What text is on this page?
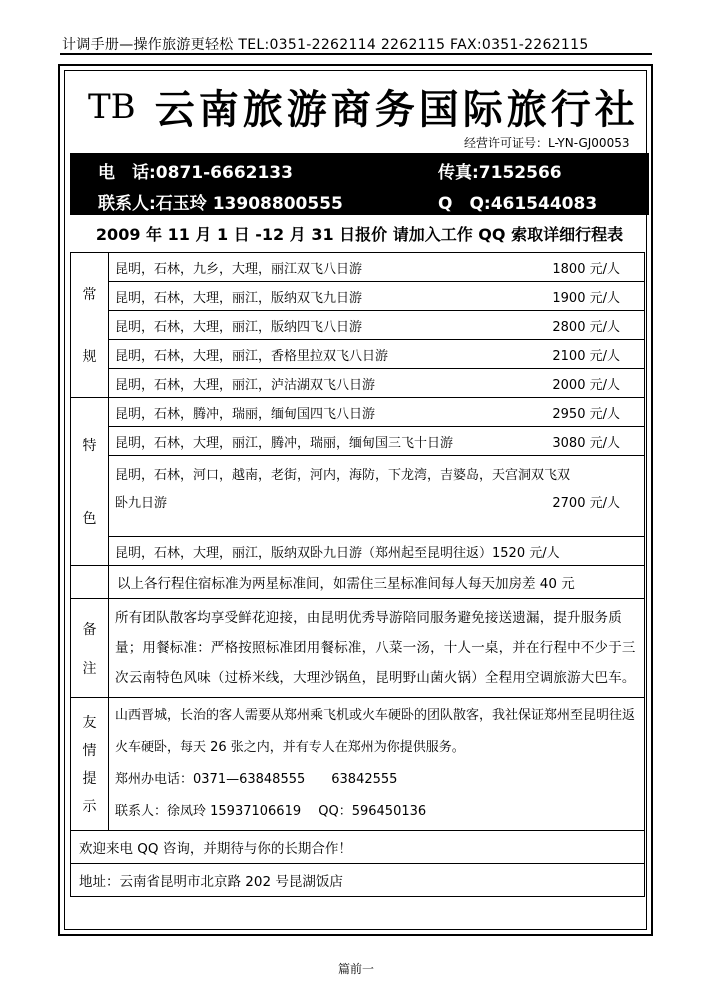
计调手册—操作旅游更轻松 TEL:0351-2262114 2262115 FAX:0351-2262115
TB 云南旅游商务国际旅行社
经营许可证号：L-YN-GJ00053
电　话:0871-6662133	传真:7152566
联系人:石玉玲 13908800555	Q　Q:461544083
2009 年 11 月 1 日 -12 月 31 日报价 请加入工作 QQ 索取详细行程表
常
规
昆明，石林，九乡，大理，丽江双飞八日游	1800 元/人
昆明，石林，大理，丽江，版纳双飞九日游	1900 元/人
昆明，石林，大理，丽江，版纳四飞八日游	2800 元/人
昆明，石林，大理，丽江，香格里拉双飞八日游	2100 元/人
昆明，石林，大理，丽江，泸沽湖双飞八日游	2000 元/人
特
色
昆明，石林，腾冲，瑞丽，缅甸国四飞八日游	2950 元/人
昆明，石林，大理，丽江，腾冲，瑞丽，缅甸国三飞十日游	3080 元/人
昆明，石林，河口，越南，老街，河内，海防，下龙湾，吉婆岛，天宫洞双飞双
卧九日游	2700 元/人
昆明，石林，大理，丽江，版纳双卧九日游（郑州起至昆明往返）1520 元/人
以上各行程住宿标准为两星标准间，如需住三星标准间每人每天加房差 40 元
备
注
所有团队散客均享受鲜花迎接，由昆明优秀导游陪同服务避免接送遗漏，提升服务质量；用餐标准：严格按照标准团用餐标准，八菜一汤，十人一桌，并在行程中不少于三次云南特色风味（过桥米线，大理沙锅鱼，昆明野山菌火锅）全程用空调旅游大巴车。
友
情
提
示
山西晋城，长治的客人需要从郑州乘飞机或火车硬卧的团队散客，我社保证郑州至昆明往返火车硬卧，每天 26 张之内，并有专人在郑州为你提供服务。
郑州办电话：0371—63848555　　63842555
联系人：徐凤玲 15937106619　 QQ：596450136
欢迎来电 QQ 咨询，并期待与你的长期合作！
地址：云南省昆明市北京路 202 号昆湖饭店
篇前一
